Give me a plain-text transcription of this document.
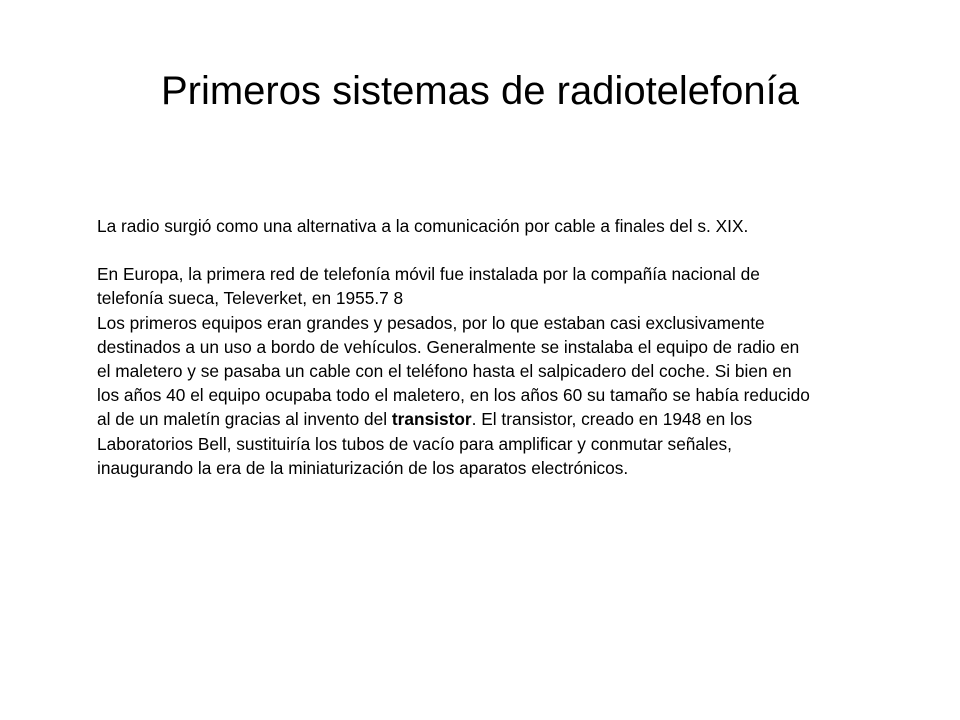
Primeros sistemas de radiotelefonía

La radio surgió como una alternativa a la comunicación por cable a finales del s. XIX.

En Europa, la primera red de telefonía móvil fue instalada por la compañía nacional de telefonía sueca, Televerket, en 1955.7 8

Los primeros equipos eran grandes y pesados, por lo que estaban casi exclusivamente destinados a un uso a bordo de vehículos. Generalmente se instalaba el equipo de radio en el maletero y se pasaba un cable con el teléfono hasta el salpicadero del coche. Si bien en los años 40 el equipo ocupaba todo el maletero, en los años 60 su tamaño se había reducido al de un maletín gracias al invento del transistor. El transistor, creado en 1948 en los Laboratorios Bell, sustituiría los tubos de vacío para amplificar y conmutar señales, inaugurando la era de la miniaturización de los aparatos electrónicos.
